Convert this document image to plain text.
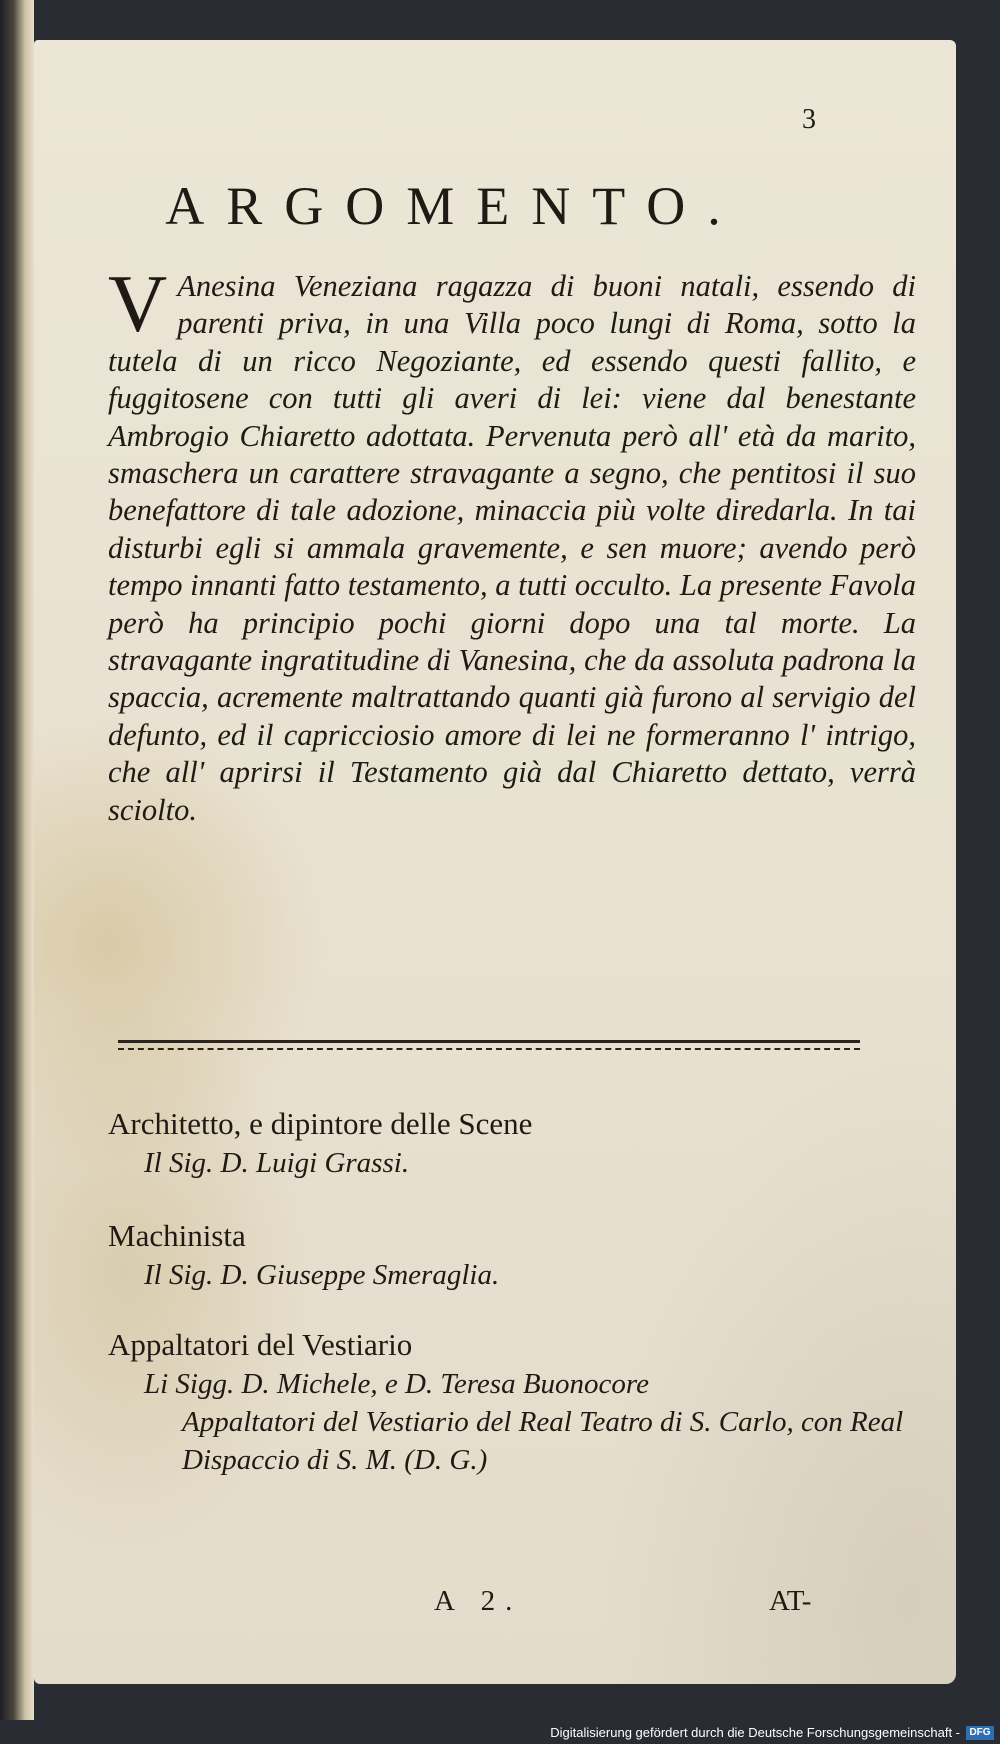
3
ARGOMENTO.
V Anesina Veneziana ragazza di buoni natali, essendo di parenti priva, in una Villa poco lungi di Roma, sotto la tutela di un ricco Negoziante, ed essendo questi fallito, e fuggitosene con tutti gli averi di lei: viene dal benestante Ambrogio Chiaretto adottata. Pervenuta però all' età da marito, smaschera un carattere stravagante a segno, che pentitosi il suo benefattore di tale adozione, minaccia più volte diredarla. In tai disturbi egli si ammala gravemente, e sen muore; avendo però tempo innanti fatto testamento, a tutti occulto. La presente Favola però ha principio pochi giorni dopo una tal morte. La stravagante ingratitudine di Vanesina, che da assoluta padrona la spaccia, acremente maltrattando quanti già furono al servigio del defunto, ed il capricciosio amore di lei ne formeranno l' intrigo, che all' aprirsi il Testamento già dal Chiaretto dettato, verrà sciolto.
Architetto, e dipintore delle Scene
Il Sig. D. Luigi Grassi.
Machinista
Il Sig. D. Giuseppe Smeraglia.
Appaltatori del Vestiario
Li Sigg. D. Michele, e D. Teresa Buonocore
Appaltatori del Vestiario del Real Teatro di S. Carlo, con Real Dispaccio di S. M. (D. G.)
A 2.	AT-
Digitalisierung gefördert durch die Deutsche Forschungsgemeinschaft - DFG
